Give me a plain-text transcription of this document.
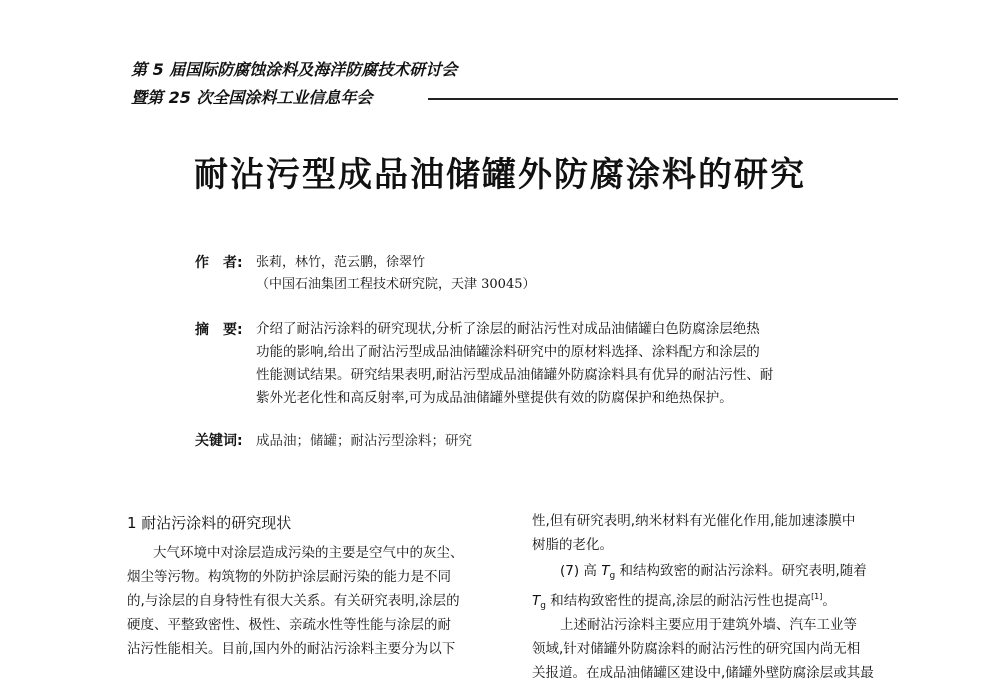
第 5 届国际防腐蚀涂料及海洋防腐技术研讨会
暨第 25 次全国涂料工业信息年会
耐沾污型成品油储罐外防腐涂料的研究
作　者: 张莉，林竹，范云鹏，徐翠竹
（中国石油集团工程技术研究院，天津 30045）
摘　要: 介绍了耐沾污涂料的研究现状,分析了涂层的耐沾污性对成品油储罐白色防腐涂层绝热
功能的影响,给出了耐沾污型成品油储罐涂料研究中的原材料选择、涂料配方和涂层的
性能测试结果。研究结果表明,耐沾污型成品油储罐外防腐涂料具有优异的耐沾污性、耐
紫外光老化性和高反射率,可为成品油储罐外壁提供有效的防腐保护和绝热保护。
关键词: 成品油；储罐；耐沾污型涂料；研究
1 耐沾污涂料的研究现状
大气环境中对涂层造成污染的主要是空气中的灰尘、
烟尘等污物。构筑物的外防护涂层耐污染的能力是不同
的,与涂层的自身特性有很大关系。有关研究表明,涂层的
硬度、平整致密性、极性、亲疏水性等性能与涂层的耐
沾污性能相关。目前,国内外的耐沾污涂料主要分为以下
性,但有研究表明,纳米材料有光催化作用,能加速漆膜中
树脂的老化。
(7) 高 $T_g$ 和结构致密的耐沾污涂料。研究表明,随着
$T_g$ 和结构致密性的提高,涂层的耐沾污性也提高[1]。
上述耐沾污涂料主要应用于建筑外墙、汽车工业等
领域,针对储罐外防腐涂料的耐沾污性的研究国内尚无相
关报道。在成品油储罐区建设中,储罐外壁防腐涂层或其最
